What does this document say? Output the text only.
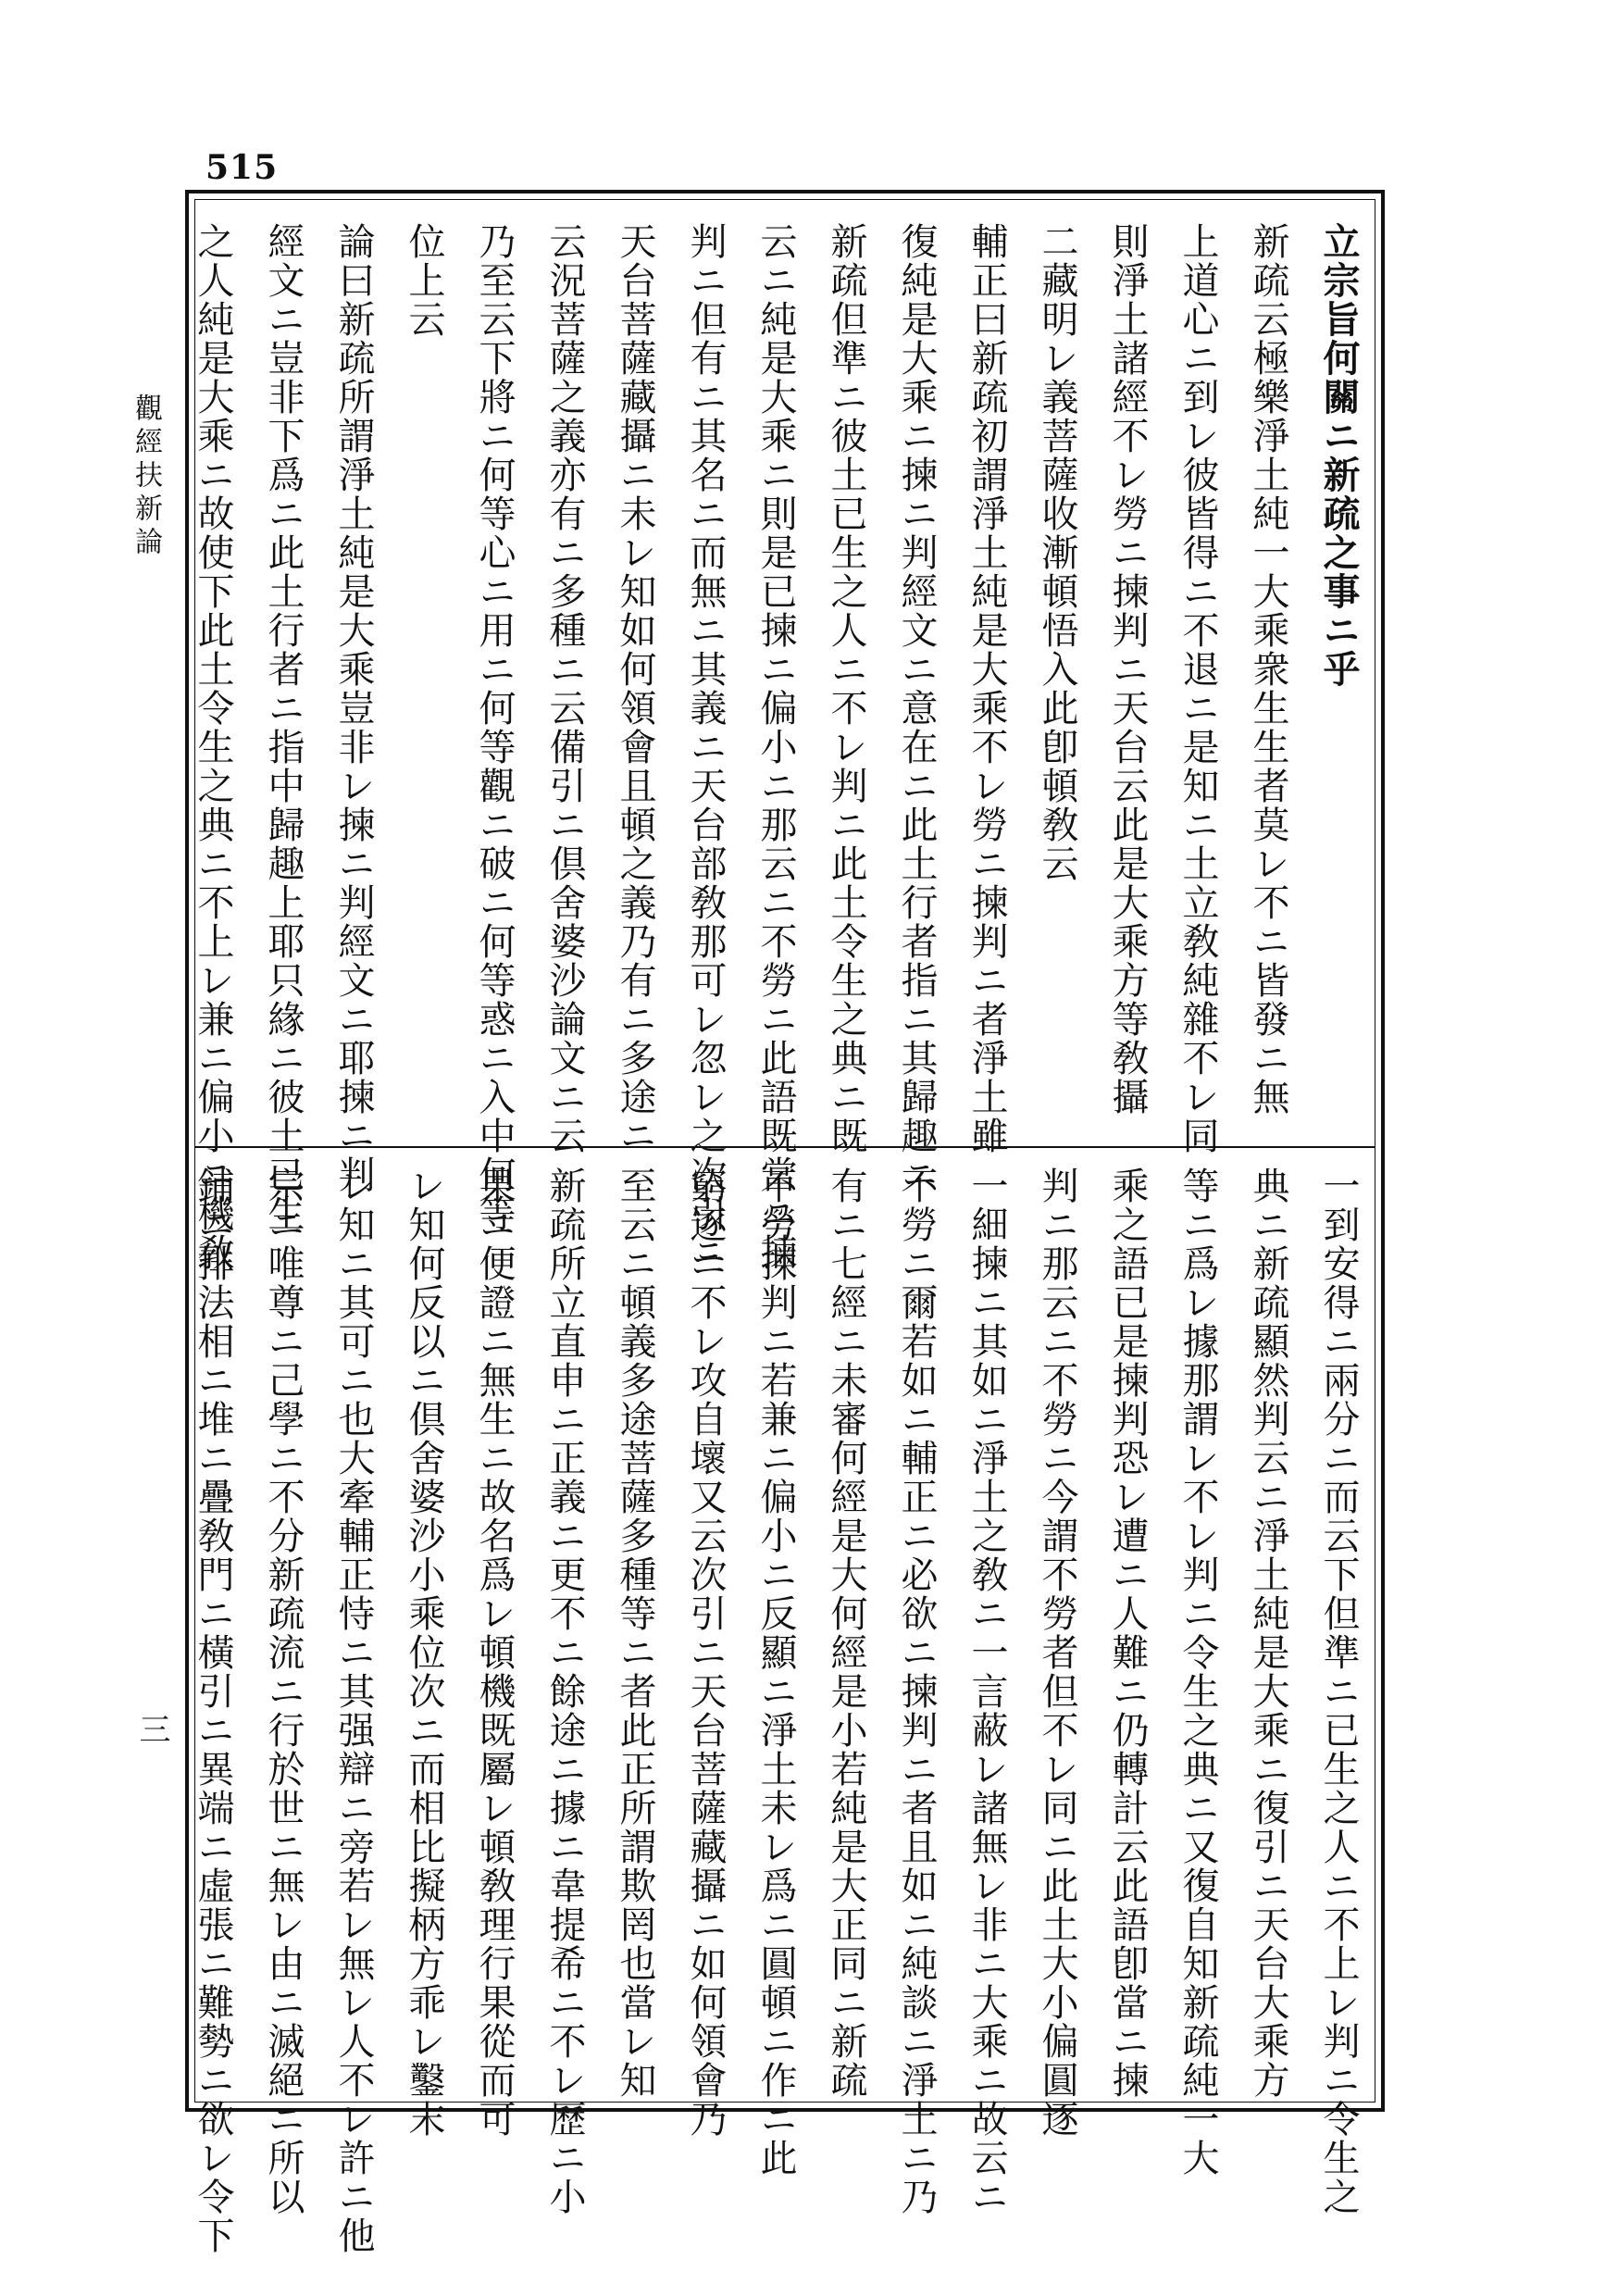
515
立宗旨何關ニ新疏之事ニ乎
新疏云極樂淨土純一大乘衆生生者莫レ不ニ皆發ニ無
上道心ニ到レ彼皆得ニ不退ニ是知ニ土立敎純雜不レ同
則淨土諸經不レ勞ニ揀判ニ天台云此是大乘方等敎攝
二藏明レ義菩薩收漸頓悟入此卽頓敎云
輔正曰新疏初謂淨土純是大乘不レ勞ニ揀判ニ者淨土雖
復純是大乘ニ揀ニ判經文ニ意在ニ此土行者指ニ其歸趣ニ
新疏但準ニ彼土已生之人ニ不レ判ニ此土令生之典ニ既
云ニ純是大乘ニ則是已揀ニ偏小ニ那云ニ不勞ニ此語既當ニ揀
判ニ但有ニ其名ニ而無ニ其義ニ天台部敎那可レ忽レ之次引ニ
天台菩薩藏攝ニ未レ知如何領會且頓之義乃有ニ多途ニ
云況菩薩之義亦有ニ多種ニ云備引ニ倶舍婆沙論文ニ云
乃至云下將ニ何等心ニ用ニ何等觀ニ破ニ何等惑ニ入中何等
位上云
論曰新疏所謂淨土純是大乘豈非レ揀ニ判經文ニ耶揀ニ判
經文ニ豈非下爲ニ此土行者ニ指中歸趣上耶只緣ニ彼土已生
之人純是大乘ニ故使下此土令生之典ニ不上レ兼ニ偏小ニ機敎
一到安得ニ兩分ニ而云下但準ニ已生之人ニ不上レ判ニ令生之
典ニ新疏顯然判云ニ淨土純是大乘ニ復引ニ天台大乘方
等ニ爲レ據那謂レ不レ判ニ令生之典ニ又復自知新疏純一大
乘之語已是揀判恐レ遭ニ人難ニ仍轉計云此語卽當ニ揀
判ニ那云ニ不勞ニ今謂不勞者但不レ同ニ此土大小偏圓逐
一細揀ニ其如ニ淨土之敎ニ一言蔽レ諸無レ非ニ大乘ニ故云ニ
不勞ニ爾若如ニ輔正ニ必欲ニ揀判ニ者且如ニ純談ニ淨土ニ乃
有ニ七經ニ未審何經是大何經是小若純是大正同ニ新疏
不勞揀判ニ若兼ニ偏小ニ反顯ニ淨土未レ爲ニ圓頓ニ作ニ此
窮逐ニ不レ攻自壞又云次引ニ天台菩薩藏攝ニ如何領會乃
至云ニ頓義多途菩薩多種等ニ者此正所謂欺罔也當レ知
新疏所立直申ニ正義ニ更不ニ餘途ニ據ニ韋提希ニ不レ歷ニ小
果ニ便證ニ無生ニ故名爲レ頓機既屬レ頓敎理行果從而可
レ知何反以ニ倶舍婆沙小乘位次ニ而相比擬柄方乖レ鑿末
レ知ニ其可ニ也大牽輔正恃ニ其强辯ニ旁若レ無レ人不レ許ニ他
宗ニ唯尊ニ己學ニ不分新疏流ニ行於世ニ無レ由ニ滅絕ニ所以
鋪ニ排法相ニ堆ニ疊敎門ニ橫引ニ異端ニ虛張ニ難勢ニ欲レ令下
觀經扶新論
三
